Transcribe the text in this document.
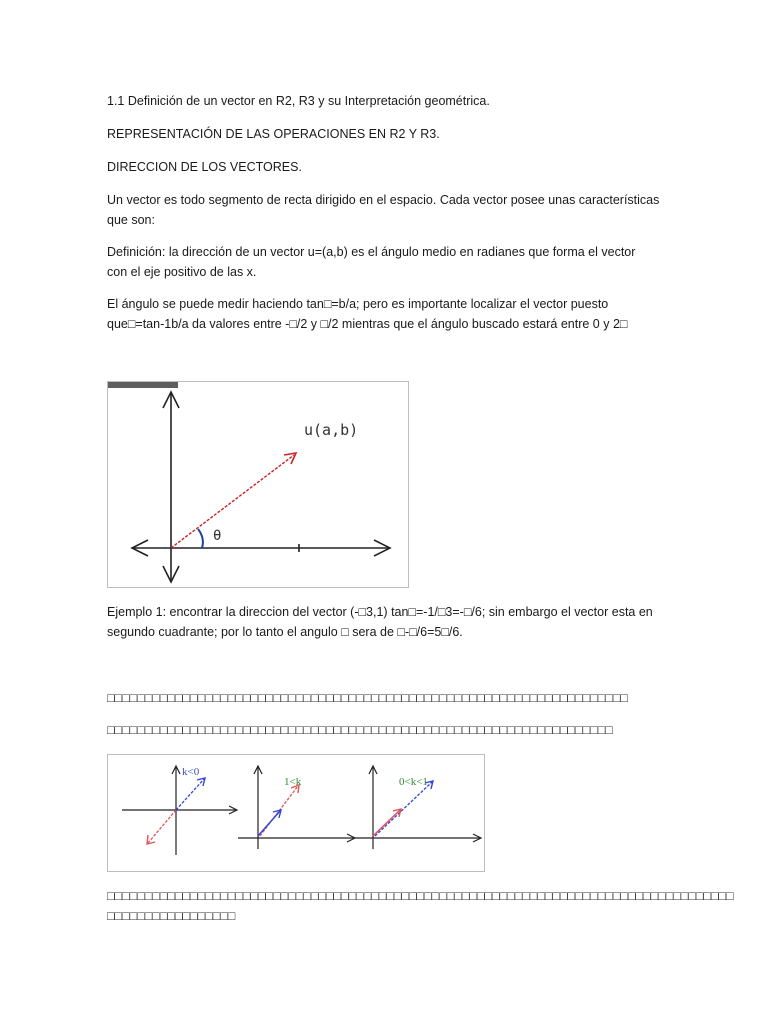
1.1 Definición de un vector en R2, R3 y su Interpretación geométrica.

REPRESENTACIÓN DE LAS OPERACIONES EN R2 Y R3.

DIRECCION DE LOS VECTORES.

Un vector es todo segmento de recta dirigido en el espacio. Cada vector posee unas características

que son:

Definición: la dirección de un vector u=(a,b) es el ángulo medio en radianes que forma el vector

con el eje positivo de las x.

El ángulo se puede medir haciendo tan□=b/a; pero es importante localizar el vector puesto

que□=tan-1b/a da valores entre -□/2 y □/2 mientras que el ángulo buscado estará entre 0 y 2□

u(a,b)
θ

Ejemplo 1: encontrar la direccion del vector (-□3,1) tan□=-1/□3=-□/6; sin embargo el vector esta en

segundo cuadrante; por lo tanto el angulo □ sera de □-□/6=5□/6.

□□□□□□□□□□□□□□□□□□□□□□□□□□□□□□□□□□□□□□□□□□□□□□□□□□□□□□□□□□□□□□□□□□□□□

□□□□□□□□□□□□□□□□□□□□□□□□□□□□□□□□□□□□□□□□□□□□□□□□□□□□□□□□□□□□□□□□□□□

k<0
1<k	0<k<1

□□□□□□□□□□□□□□□□□□□□□□□□□□□□□□□□□□□□□□□□□□□□□□□□□□□□□□□□□□□□□□□□□□□□□□□□□□□□□□□□□□□

□□□□□□□□□□□□□□□□□
